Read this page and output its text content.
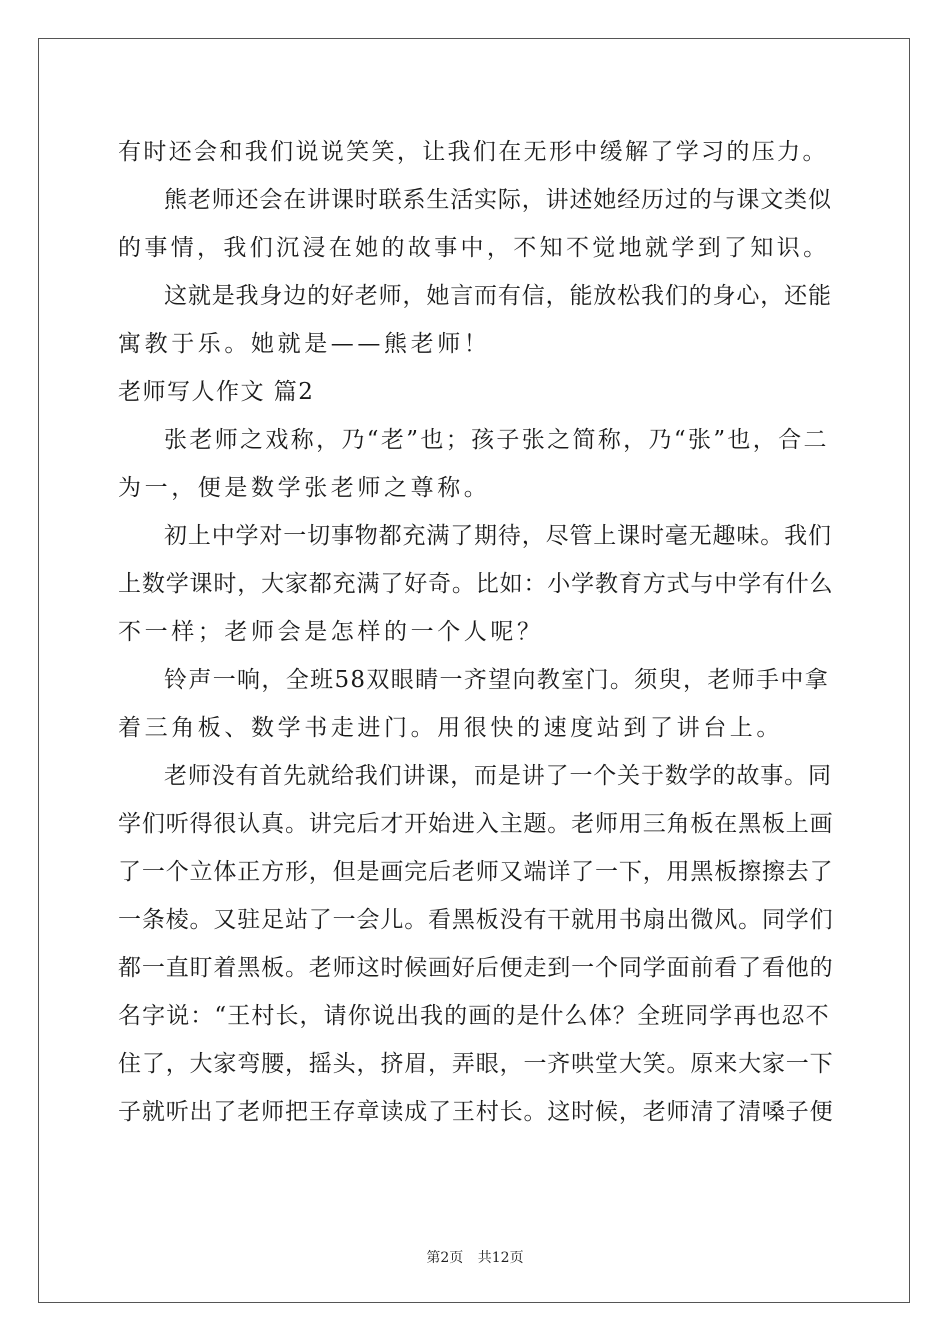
有时还会和我们说说笑笑，让我们在无形中缓解了学习的压力。
熊老师还会在讲课时联系生活实际，讲述她经历过的与课文类似
的事情，我们沉浸在她的故事中，不知不觉地就学到了知识。
这就是我身边的好老师，她言而有信，能放松我们的身心，还能
寓教于乐。她就是——熊老师！
老师写人作文 篇2
张老师之戏称，乃“老”也；孩子张之简称，乃“张”也，合二
为一，便是数学张老师之尊称。
初上中学对一切事物都充满了期待，尽管上课时毫无趣味。我们
上数学课时，大家都充满了好奇。比如：小学教育方式与中学有什么
不一样；老师会是怎样的一个人呢？
铃声一响，全班58双眼睛一齐望向教室门。须臾，老师手中拿
着三角板、数学书走进门。用很快的速度站到了讲台上。
老师没有首先就给我们讲课，而是讲了一个关于数学的故事。同
学们听得很认真。讲完后才开始进入主题。老师用三角板在黑板上画
了一个立体正方形，但是画完后老师又端详了一下，用黑板擦擦去了
一条棱。又驻足站了一会儿。看黑板没有干就用书扇出微风。同学们
都一直盯着黑板。老师这时候画好后便走到一个同学面前看了看他的
名字说：“王村长，请你说出我的画的是什么体？全班同学再也忍不
住了，大家弯腰，摇头，挤眉，弄眼，一齐哄堂大笑。原来大家一下
子就听出了老师把王存章读成了王村长。这时候，老师清了清嗓子便
第2页 共12页
